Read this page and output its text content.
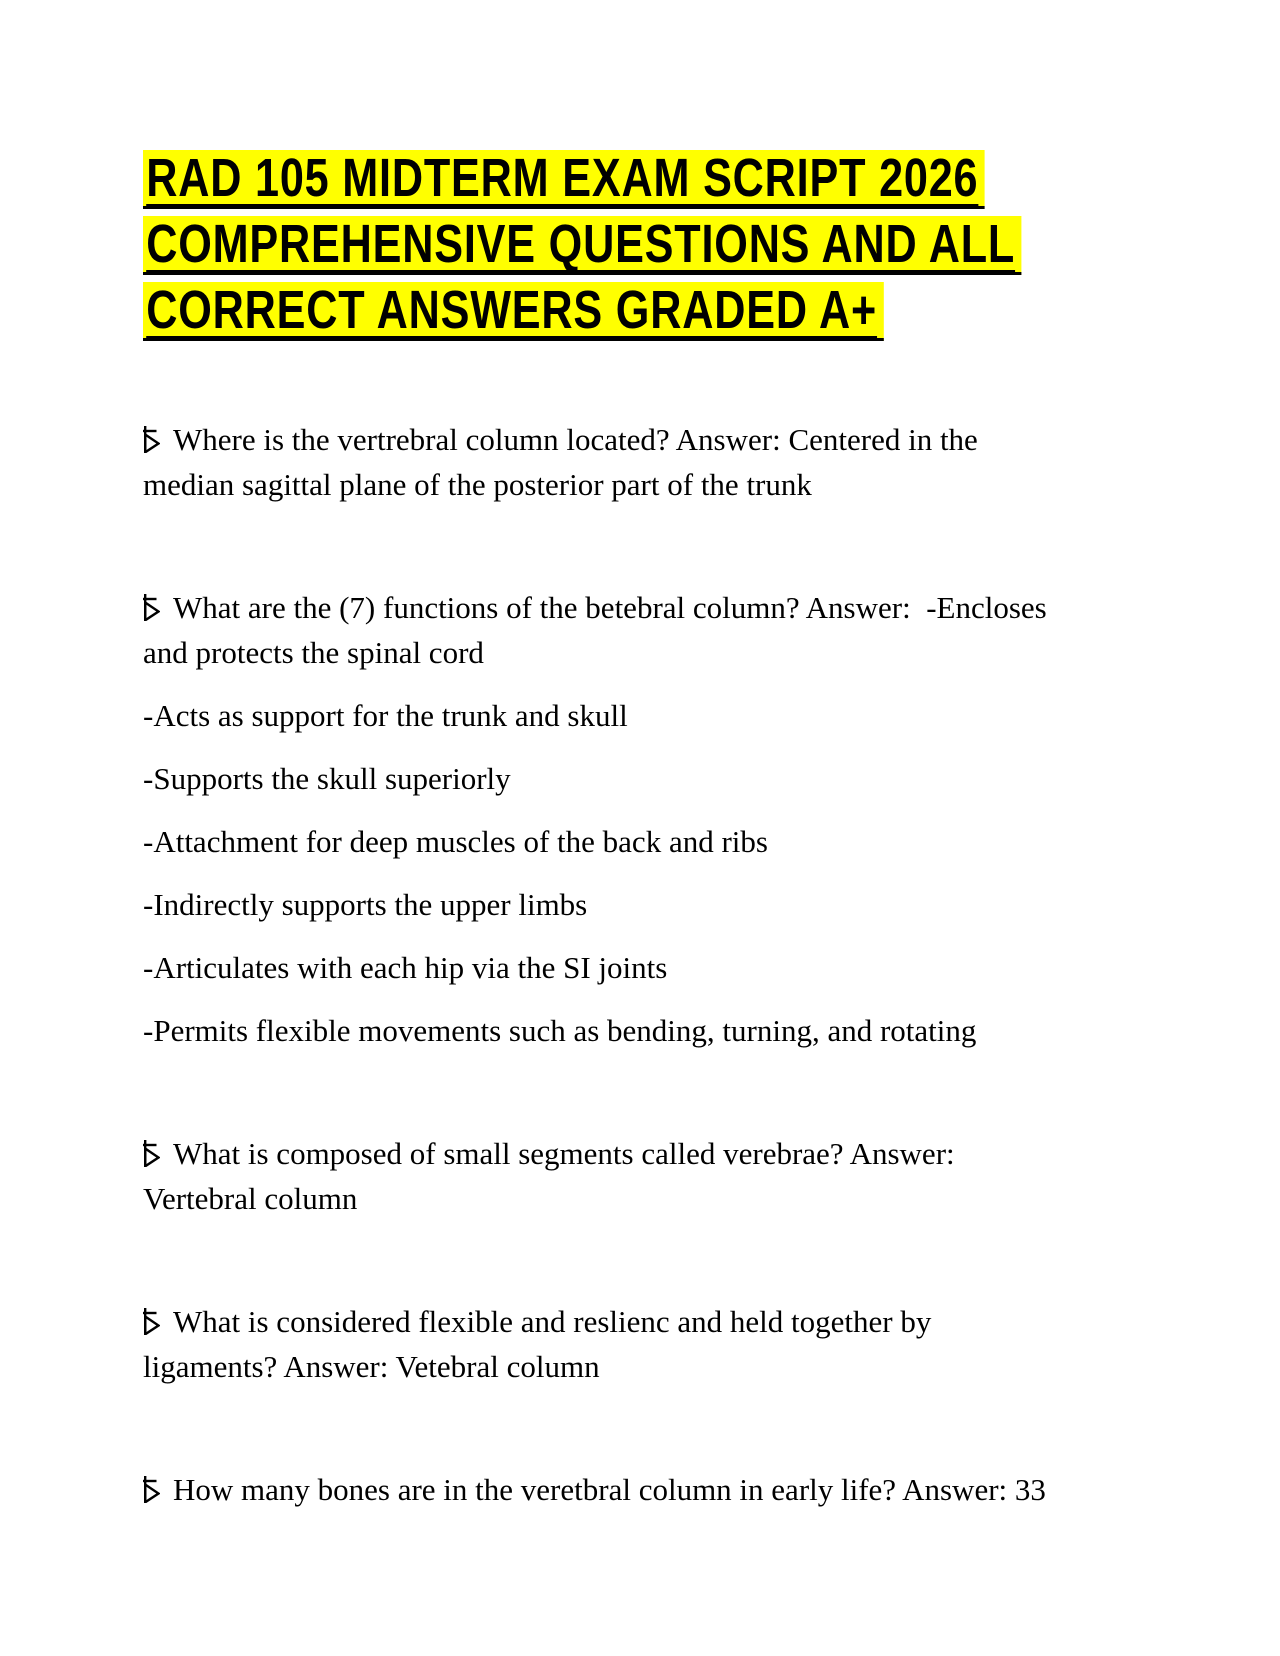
RAD 105 MIDTERM EXAM SCRIPT 2026
COMPREHENSIVE QUESTIONS AND ALL
CORRECT ANSWERS GRADED A+
Where is the vertrebral column located? Answer: Centered in the
median sagittal plane of the posterior part of the trunk
What are the (7) functions of the betebral column? Answer:  -Encloses
and protects the spinal cord
-Acts as support for the trunk and skull
-Supports the skull superiorly
-Attachment for deep muscles of the back and ribs
-Indirectly supports the upper limbs
-Articulates with each hip via the SI joints
-Permits flexible movements such as bending, turning, and rotating
What is composed of small segments called verebrae? Answer:
Vertebral column
What is considered flexible and reslienc and held together by
ligaments? Answer: Vetebral column
How many bones are in the veretbral column in early life? Answer: 33
